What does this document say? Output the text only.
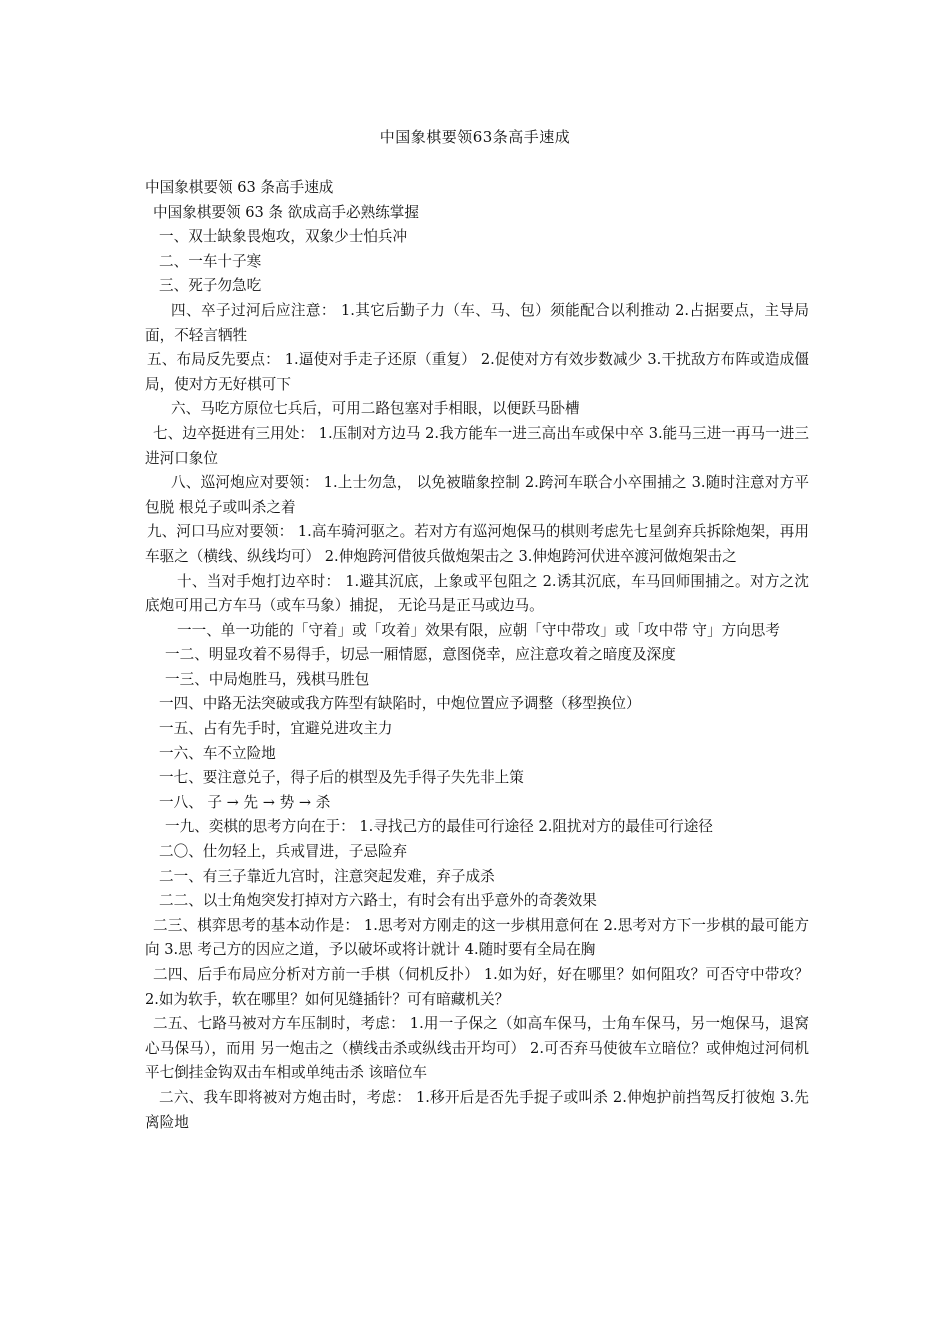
中国象棋要领63条高手速成

中国象棋要领 63 条高手速成

中国象棋要领 63 条 欲成高手必熟练掌握

一、双士缺象畏炮攻，双象少士怕兵冲

二、一车十子寒

三、死子勿急吃

四、卒子过河后应注意： 1.其它后勤子力（车、马、包）须能配合以利推动 2.占据要点，主导局面，不轻言牺牲

五、布局反先要点： 1.逼使对手走子还原（重复） 2.促使对方有效步数减少 3.干扰敌方布阵或造成僵局，使对方无好棋可下

六、马吃方原位七兵后，可用二路包塞对手相眼，以便跃马卧槽

七、边卒挺进有三用处： 1.压制对方边马 2.我方能车一进三高出车或保中卒 3.能马三进一再马一进三 进河口象位

八、巡河炮应对要领： 1.上士勿急， 以免被瞄象控制 2.跨河车联合小卒围捕之 3.随时注意对方平包脱 根兑子或叫杀之着

九、河口马应对要领： 1.高车骑河驱之。若对方有巡河炮保马的棋则考虑先七星剑弃兵拆除炮架，再用 车驱之（横线、纵线均可） 2.伸炮跨河借彼兵做炮架击之 3.伸炮跨河伏进卒渡河做炮架击之

十、当对手炮打边卒时： 1.避其沉底，上象或平包阻之 2.诱其沉底，车马回师围捕之。对方之沈底炮可用己方车马（或车马象）捕捉， 无论马是正马或边马。

一一、单一功能的「守着」或「攻着」效果有限，应朝「守中带攻」或「攻中带 守」方向思考

一二、明显攻着不易得手，切忌一厢情愿，意图侥幸，应注意攻着之暗度及深度

一三、中局炮胜马，残棋马胜包

一四、中路无法突破或我方阵型有缺陷时，中炮位置应予调整（移型换位）

一五、占有先手时，宜避兑进攻主力

一六、车不立险地

一七、要注意兑子，得子后的棋型及先手得子失先非上策

一八、 子 → 先 → 势 → 杀

一九、奕棋的思考方向在于： 1.寻找己方的最佳可行途径 2.阻扰对方的最佳可行途径

二〇、仕勿轻上，兵戒冒进，子忌险弃

二一、有三子靠近九宫时，注意突起发难，弃子成杀

二二、以士角炮突发打掉对方六路士，有时会有出乎意外的奇袭效果

二三、棋弈思考的基本动作是： 1.思考对方刚走的这一步棋用意何在 2.思考对方下一步棋的最可能方向 3.思 考己方的因应之道，予以破坏或将计就计 4.随时要有全局在胸

二四、后手布局应分析对方前一手棋（伺机反扑） 1.如为好，好在哪里？如何阻攻？可否守中带攻？ 2.如为软手，软在哪里？如何见缝插针？可有暗藏机关？

二五、七路马被对方车压制时，考虑： 1.用一子保之（如高车保马，士角车保马，另一炮保马，退窝心马保马），而用 另一炮击之（横线击杀或纵线击开均可） 2.可否弃马使彼车立暗位？或伸炮过河伺机平七倒挂金钩双击车相或单纯击杀 该暗位车

二六、我车即将被对方炮击时，考虑： 1.移开后是否先手捉子或叫杀 2.伸炮护前挡驾反打彼炮 3.先离险地
